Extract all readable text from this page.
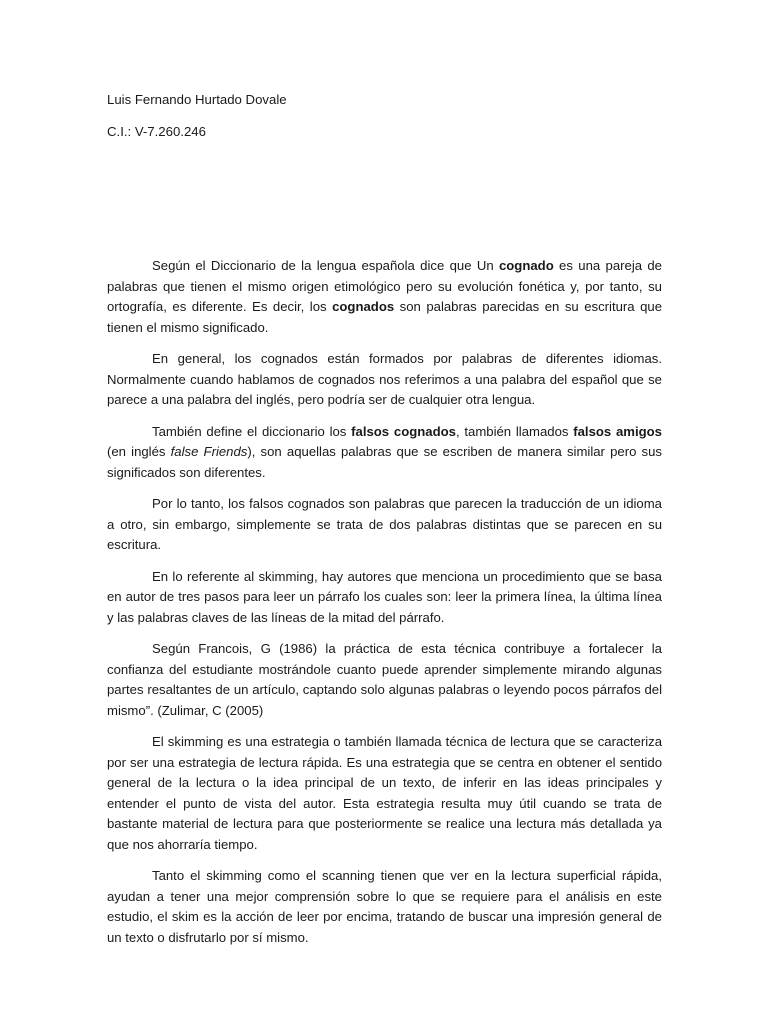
Luis Fernando Hurtado Dovale
C.I.: V-7.260.246

Según el Diccionario de la lengua española dice que Un cognado es una pareja de palabras que tienen el mismo origen etimológico pero su evolución fonética y, por tanto, su ortografía, es diferente. Es decir, los cognados son palabras parecidas en su escritura que tienen el mismo significado.

En general, los cognados están formados por palabras de diferentes idiomas. Normalmente cuando hablamos de cognados nos referimos a una palabra del español que se parece a una palabra del inglés, pero podría ser de cualquier otra lengua.

También define el diccionario los falsos cognados, también llamados falsos amigos (en inglés false Friends), son aquellas palabras que se escriben de manera similar pero sus significados son diferentes.

Por lo tanto, los falsos cognados son palabras que parecen la traducción de un idioma a otro, sin embargo, simplemente se trata de dos palabras distintas que se parecen en su escritura.

En lo referente al skimming, hay autores que menciona un procedimiento que se basa en autor de tres pasos para leer un párrafo los cuales son: leer la primera línea, la última línea y las palabras claves de las líneas de la mitad del párrafo.

Según Francois, G (1986) la práctica de esta técnica contribuye a fortalecer la confianza del estudiante mostrándole cuanto puede aprender simplemente mirando algunas partes resaltantes de un artículo, captando solo algunas palabras o leyendo pocos párrafos del mismo”. (Zulimar, C (2005)

El skimming es una estrategia o también llamada técnica de lectura que se caracteriza por ser una estrategia de lectura rápida. Es una estrategia que se centra en obtener el sentido general de la lectura o la idea principal de un texto, de inferir en las ideas principales y entender el punto de vista del autor. Esta estrategia resulta muy útil cuando se trata de bastante material de lectura para que posteriormente se realice una lectura más detallada ya que nos ahorraría tiempo.

Tanto el skimming como el scanning tienen que ver en la lectura superficial rápida, ayudan a tener una mejor comprensión sobre lo que se requiere para el análisis en este estudio, el skim es la acción de leer por encima, tratando de buscar una impresión general de un texto o disfrutarlo por sí mismo.
